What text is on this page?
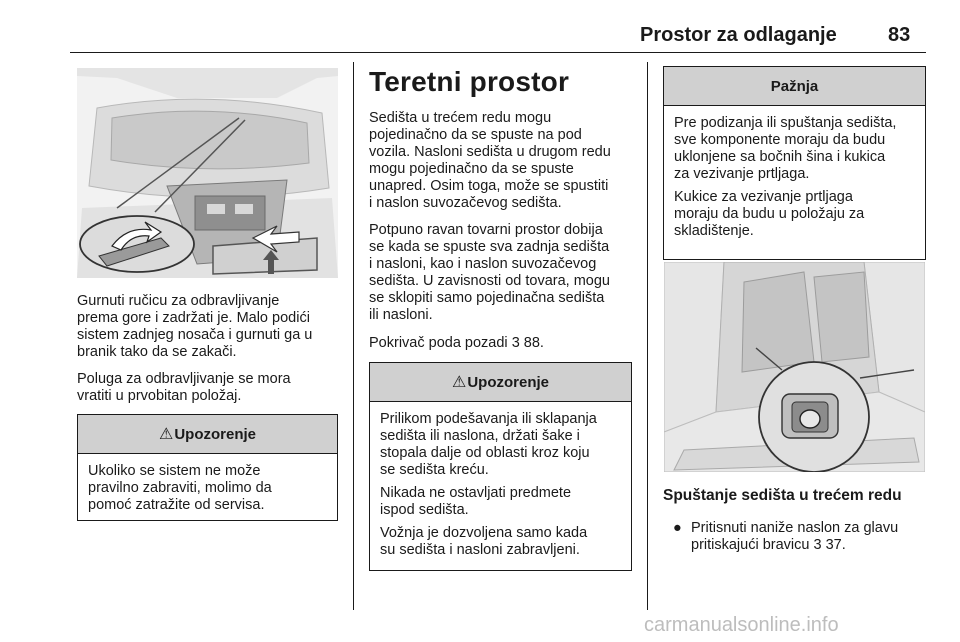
Prostor za odlaganje	83

Gurnuti ručicu za odbravljivanje
prema gore i zadržati je. Malo podići
sistem zadnjeg nosača i gurnuti ga u
branik tako da se zakači.

Poluga za odbravljivanje se mora
vratiti u prvobitan položaj.

⚠ Upozorenje

Ukoliko se sistem ne može
pravilno zabraviti, molimo da
pomoć zatražite od servisa.

Teretni prostor

Sedišta u trećem redu mogu
pojedinačno da se spuste na pod
vozila. Nasloni sedišta u drugom redu
mogu pojedinačno da se spuste
unapred. Osim toga, može se spustiti
i naslon suvozačevog sedišta.

Potpuno ravan tovarni prostor dobija
se kada se spuste sva zadnja sedišta
i nasloni, kao i naslon suvozačevog
sedišta. U zavisnosti od tovara, mogu
se sklopiti samo pojedinačna sedišta
ili nasloni.

Pokrivač poda pozadi 3 88.

⚠ Upozorenje

Prilikom podešavanja ili sklapanja
sedišta ili naslona, držati šake i
stopala dalje od oblasti kroz koju
se sedišta kreću.

Nikada ne ostavljati predmete
ispod sedišta.

Vožnja je dozvoljena samo kada
su sedišta i nasloni zabravljeni.

Pažnja

Pre podizanja ili spuštanja sedišta,
sve komponente moraju da budu
uklonjene sa bočnih šina i kukica
za vezivanje prtljaga.

Kukice za vezivanje prtljaga
moraju da budu u položaju za
skladištenje.

Spuštanje sedišta u trećem redu
● Pritisnuti naniže naslon za glavu
pritiskajući bravicu 3 37.

carmanualsonline.info
